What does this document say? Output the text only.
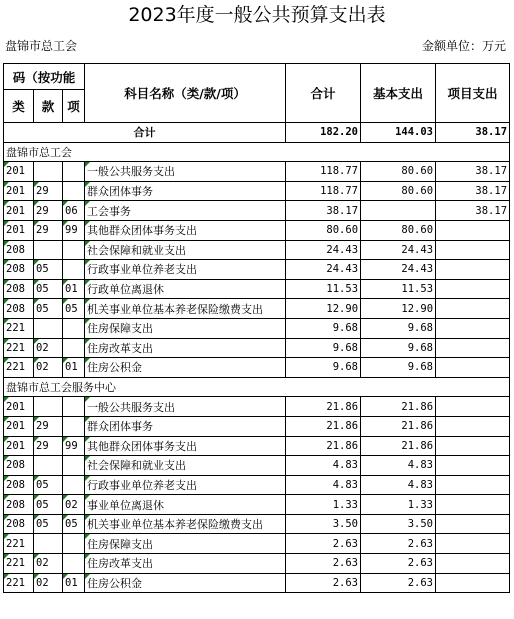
2023年度一般公共预算支出表
盘锦市总工会	金额单位：万元
码（按功能			科目名称（类/款/项）	合计	基本支出	项目支出
类	款	项				
合计				182.20	144.03	38.17
盘锦市总工会						

201			一般公共服务支出	118.77	80.60	38.17

201	29		群众团体事务	118.77	80.60	38.17

201	29	06	工会事务	38.17		38.17

201	29	99	其他群众团体事务支出	80.60	80.60	

208			社会保障和就业支出	24.43	24.43	

208	05		行政事业单位养老支出	24.43	24.43	

208	05	01	行政单位离退休	11.53	11.53	

208	05	05	机关事业单位基本养老保险缴费支出	12.90	12.90	

221			住房保障支出	9.68	9.68	

221	02		住房改革支出	9.68	9.68	

221	02	01	住房公积金	9.68	9.68	
盘锦市总工会服务中心						

201			一般公共服务支出	21.86	21.86	

201	29		群众团体事务	21.86	21.86	

201	29	99	其他群众团体事务支出	21.86	21.86	

208			社会保障和就业支出	4.83	4.83	

208	05		行政事业单位养老支出	4.83	4.83	

208	05	02	事业单位离退休	1.33	1.33	

208	05	05	机关事业单位基本养老保险缴费支出	3.50	3.50	

221			住房保障支出	2.63	2.63	

221	02		住房改革支出	2.63	2.63	

221	02	01	住房公积金	2.63	2.63	
